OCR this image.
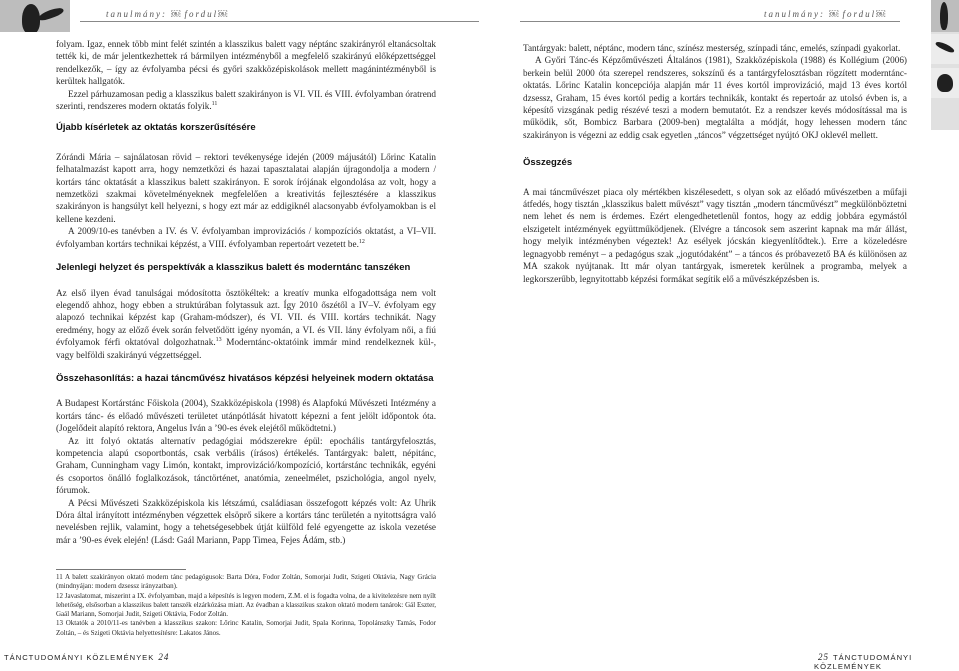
tanulmány: ￼ fordul￼

folyam. Igaz, ennek több mint felét szintén a klasszikus balett vagy néptánc szakirányról eltanácsoltak tették ki, de már jelentkezhettek rá bármilyen intézményből a megfelelő szakirányú előképzettséggel rendelkezők, – így az évfolyamba pécsi és győri szakközépiskolások mellett magánintézményből is kerültek hallgatók.

Ezzel párhuzamosan pedig a klasszikus balett szakirányon is VI. VII. és VIII. évfolyamban óratrend szerinti, rendszeres modern oktatás folyik.$^{11}$

Újabb kísérletek az oktatás korszerűsítésére

Zórándi Mária – sajnálatosan rövid – rektori tevékenysége idején (2009 májusától) Lőrinc Katalin felhatalmazást kapott arra, hogy nemzetközi és hazai tapasztalatai alapján újragondolja a modern / kortárs tánc oktatását a klasszikus balett szakirányon. E sorok írójának elgondolása az volt, hogy a nemzetközi szakmai követelményeknek megfelelően a kreativitás fejlesztésére a klasszikus szakirányon is hangsúlyt kell helyezni, s hogy ezt már az eddigiknél alacsonyabb évfolyamokban is el kellene kezdeni.

A 2009/10-es tanévben a IV. és V. évfolyamban improvizációs / kompozíciós oktatást, a VI–VII. évfolyamban kortárs technikai képzést, a VIII. évfolyamban repertoárt vezetett be.$^{12}$

Jelenlegi helyzet és perspektívák a klasszikus balett és moderntánc tanszéken

Az első ilyen évad tanulságai módosította ösztökéltek: a kreatív munka elfogadottsága nem volt elegendő ahhoz, hogy ebben a struktúrában folytassuk azt. Így 2010 őszétől a IV–V. évfolyam egy alapozó technikai képzést kap (Graham-módszer), és VI. VII. és VIII. kortárs technikát. Nagy eredmény, hogy az előző évek során felvetődött igény nyomán, a VI. és VII. lány évfolyam női, a fiú évfolyamok férfi oktatóval dolgozhatnak.$^{13}$ Moderntánc-oktatóink immár mind rendelkeznek kül-, vagy belföldi szakirányú végzettséggel.

Összehasonlítás: a hazai táncművész hivatásos képzési helyeinek modern oktatása

A Budapest Kortárstánc Főiskola (2004), Szakközépiskola (1998) és Alapfokú Művészeti Intézmény a kortárs tánc- és előadó művészeti területet utánpótlását hivatott képezni a fent jelölt időpontok óta. (Jogelődeit alapító rektora, Angelus Iván a ’90-es évek elejétől működtetni.)

Az itt folyó oktatás alternatív pedagógiai módszerekre épül: epochális tantárgyfelosztás, kompetencia alapú csoportbontás, csak verbális (írásos) értékelés. Tantárgyak: balett, népitánc, Graham, Cunningham vagy Limón, kontakt, improvizáció/kompozíció, kortárstánc technikák, egyéni és csoportos önálló foglalkozások, tánctörténet, anatómia, zeneelmélet, pszichológia, angol nyelv, fórumok.

A Pécsi Művészeti Szakközépiskola kis létszámú, családiasan összefogott képzés volt: Az Uhrik Dóra által irányított intézményben végzettek elsöprő sikere a kortárs tánc területén a nyitottságra való nevelésben rejlik, valamint, hogy a tehetségesebbek útját külföld felé egyengette az iskola vezetése már a ’90-es évek elején! (Lásd: Gaál Mariann, Papp Timea, Fejes Ádám, stb.)

11 A balett szakirányon oktató modern tánc pedagógusok: Barta Dóra, Fodor Zoltán, Somorjai Judit, Szigeti Oktávia, Nagy Grácia (mindnyájan: modern dzsessz irányzatban).

12 Javaslatomat, miszerint a IX. évfolyamban, majd a képesítés is legyen modern, Z.M. el is fogadta volna, de a kivitelezésre nem nyílt lehetőség, elsősorban a klasszikus balett tanszék elzárkózása miatt. Az évadban a klasszikus szakon oktató modern tanárok: Gál Eszter, Gaál Mariann, Somorjai Judit, Szigeti Oktávia, Fodor Zoltán.

13 Oktatók a 2010/11-es tanévben a klasszikus szakon: Lőrinc Katalin, Somorjai Judit, Spala Korinna, Topolánszky Tamás, Fodor Zoltán, – és Szigeti Oktávia helyettesítésre: Lakatos János.

TÁNCTUDOMÁNYI KÖZLEMÉNYEK 24
tanulmány: ￼ fordul￼

Tantárgyak: balett, néptánc, modern tánc, színész mesterség, színpadi tánc, emelés, színpadi gyakorlat.

A Győri Tánc-és Képzőművészeti Általános (1981), Szakközépiskola (1988) és Kollégium (2006) berkein belül 2000 óta szerepel rendszeres, sokszínű és a tantárgyfelosztásban rögzített moderntánc-oktatás. Lőrinc Katalin koncepciója alapján már 11 éves kortól improvizáció, majd 13 éves kortól dzsessz, Graham, 15 éves kortól pedig a kortárs technikák, kontakt és repertoár az utolsó évben is, a képesítő vizsgának pedig részévé teszi a modern bemutatót. Ez a rendszer kevés módosítással ma is működik, sőt, Bombicz Barbara (2009-ben) megtalálta a módját, hogy lehessen modern tánc szakirányon is végezni az eddig csak egyetlen „táncos” végzettséget nyújtó OKJ oklevél mellett.

Összegzés

A mai táncművészet piaca oly mértékben kiszélesedett, s olyan sok az előadó művészetben a műfaji átfedés, hogy tisztán „klasszikus balett művészt” vagy tisztán „modern táncművészt” megkülönböztetni nem lehet és nem is érdemes. Ezért elengedhetetlenül fontos, hogy az eddig jobbára egymástól elszigetelt intézmények együttműködjenek. (Elvégre a táncosok sem aszerint kapnak ma már állást, hogy melyik intézményben végeztek! Az esélyek jócskán kiegyenlítődtek.). Erre a közeledésre legnagyobb reményt – a pedagógus szak „jogutódaként” – a táncos és próbavezető BA és különösen az MA szakok nyújtanak. Itt már olyan tantárgyak, ismeretek kerülnek a programba, melyek a legkorszerűbb, legnyitottabb képzési formákat segítik elő a művészképzésben is.

25 TÁNCTUDOMÁNYI KÖZLEMÉNYEK
